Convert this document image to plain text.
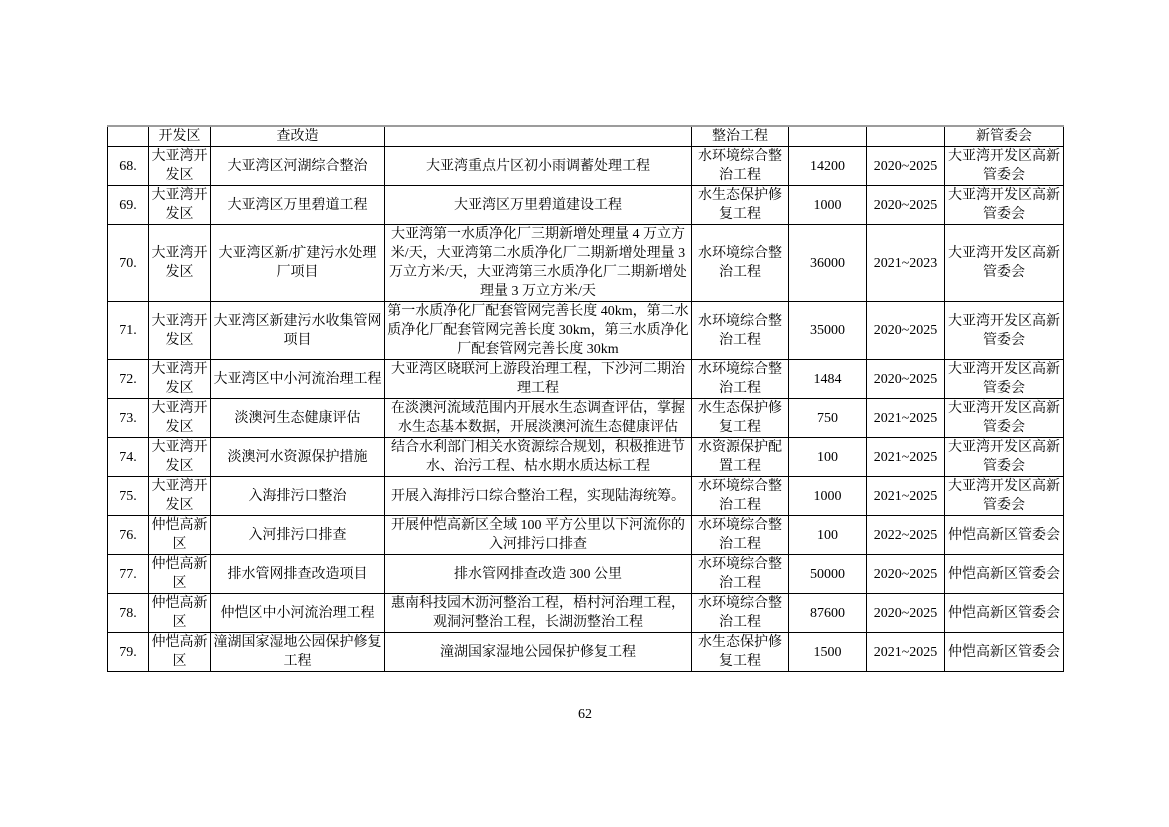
	开发区	查改造		整治工程			新管委会
68.	大亚湾开发区	大亚湾区河湖综合整治	大亚湾重点片区初小雨调蓄处理工程	水环境综合整治工程	14200	2020~2025	大亚湾开发区高新管委会
69.	大亚湾开发区	大亚湾区万里碧道工程	大亚湾区万里碧道建设工程	水生态保护修复工程	1000	2020~2025	大亚湾开发区高新管委会
70.	大亚湾开发区	大亚湾区新/扩建污水处理厂项目	大亚湾第一水质净化厂三期新增处理量 4 万立方米/天，大亚湾第二水质净化厂二期新增处理量 3 万立方米/天，大亚湾第三水质净化厂二期新增处理量 3 万立方米/天	水环境综合整治工程	36000	2021~2023	大亚湾开发区高新管委会
71.	大亚湾开发区	大亚湾区新建污水收集管网项目	第一水质净化厂配套管网完善长度 40km，第二水质净化厂配套管网完善长度 30km，第三水质净化厂配套管网完善长度 30km	水环境综合整治工程	35000	2020~2025	大亚湾开发区高新管委会
72.	大亚湾开发区	大亚湾区中小河流治理工程	大亚湾区晓联河上游段治理工程，下沙河二期治理工程	水环境综合整治工程	1484	2020~2025	大亚湾开发区高新管委会
73.	大亚湾开发区	淡澳河生态健康评估	在淡澳河流域范围内开展水生态调查评估，掌握水生态基本数据，开展淡澳河流生态健康评估	水生态保护修复工程	750	2021~2025	大亚湾开发区高新管委会
74.	大亚湾开发区	淡澳河水资源保护措施	结合水利部门相关水资源综合规划，积极推进节水、治污工程、枯水期水质达标工程	水资源保护配置工程	100	2021~2025	大亚湾开发区高新管委会
75.	大亚湾开发区	入海排污口整治	开展入海排污口综合整治工程，实现陆海统筹。	水环境综合整治工程	1000	2021~2025	大亚湾开发区高新管委会
76.	仲恺高新区	入河排污口排查	开展仲恺高新区全域 100 平方公里以下河流你的入河排污口排查	水环境综合整治工程	100	2022~2025	仲恺高新区管委会
77.	仲恺高新区	排水管网排查改造项目	排水管网排查改造 300 公里	水环境综合整治工程	50000	2020~2025	仲恺高新区管委会
78.	仲恺高新区	仲恺区中小河流治理工程	惠南科技园木沥河整治工程，梧村河治理工程，观洞河整治工程，长湖沥整治工程	水环境综合整治工程	87600	2020~2025	仲恺高新区管委会
79.	仲恺高新区	潼湖国家湿地公园保护修复工程	潼湖国家湿地公园保护修复工程	水生态保护修复工程	1500	2021~2025	仲恺高新区管委会
62
